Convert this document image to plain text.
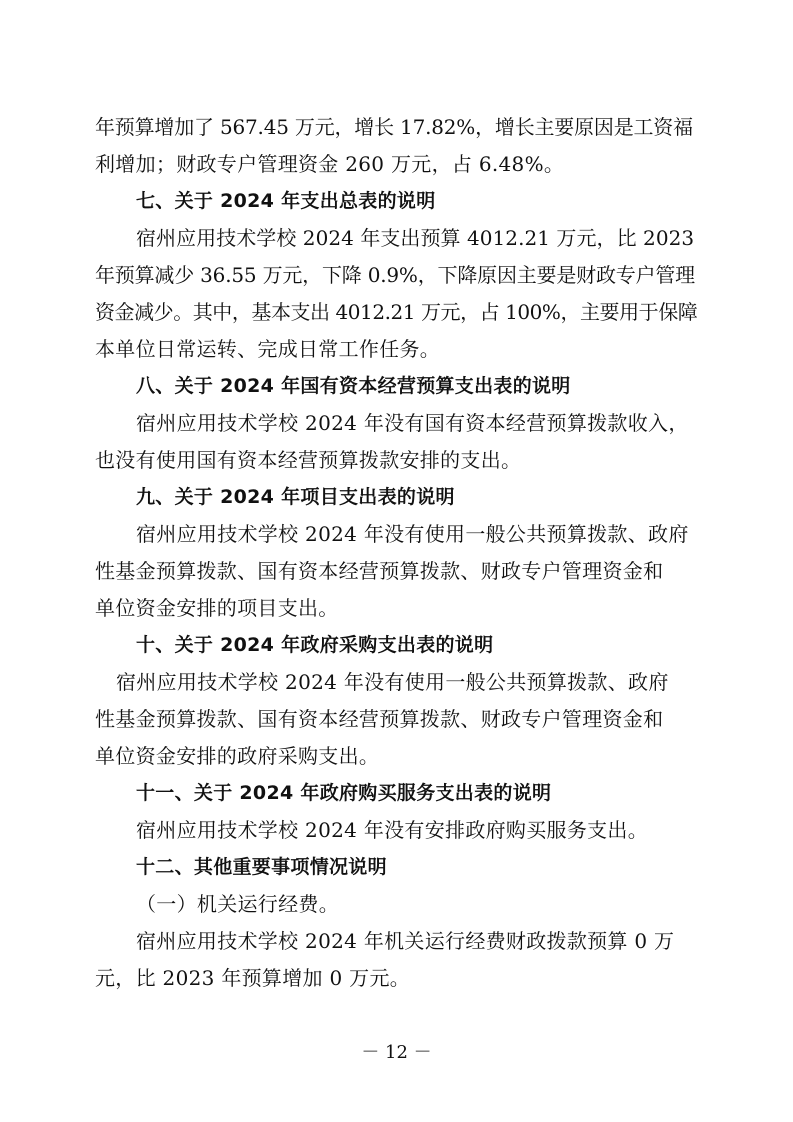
年预算增加了 567.45 万元，增长 17.82%，增长主要原因是工资福
利增加；财政专户管理资金 260 万元，占 6.48%。
七、关于 2024 年支出总表的说明
宿州应用技术学校 2024 年支出预算 4012.21 万元，比 2023
年预算减少 36.55 万元，下降 0.9%，下降原因主要是财政专户管理
资金减少。其中，基本支出 4012.21 万元，占 100%，主要用于保障
本单位日常运转、完成日常工作任务。
八、关于 2024 年国有资本经营预算支出表的说明
宿州应用技术学校 2024 年没有国有资本经营预算拨款收入，
也没有使用国有资本经营预算拨款安排的支出。
九、关于 2024 年项目支出表的说明
宿州应用技术学校 2024 年没有使用一般公共预算拨款、政府
性基金预算拨款、国有资本经营预算拨款、财政专户管理资金和
单位资金安排的项目支出。
十、关于 2024 年政府采购支出表的说明
宿州应用技术学校 2024 年没有使用一般公共预算拨款、政府
性基金预算拨款、国有资本经营预算拨款、财政专户管理资金和
单位资金安排的政府采购支出。
十一、关于 2024 年政府购买服务支出表的说明
宿州应用技术学校 2024 年没有安排政府购买服务支出。
十二、其他重要事项情况说明
（一）机关运行经费。
宿州应用技术学校 2024 年机关运行经费财政拨款预算 0 万
元，比 2023 年预算增加 0 万元。
－ 12 －
